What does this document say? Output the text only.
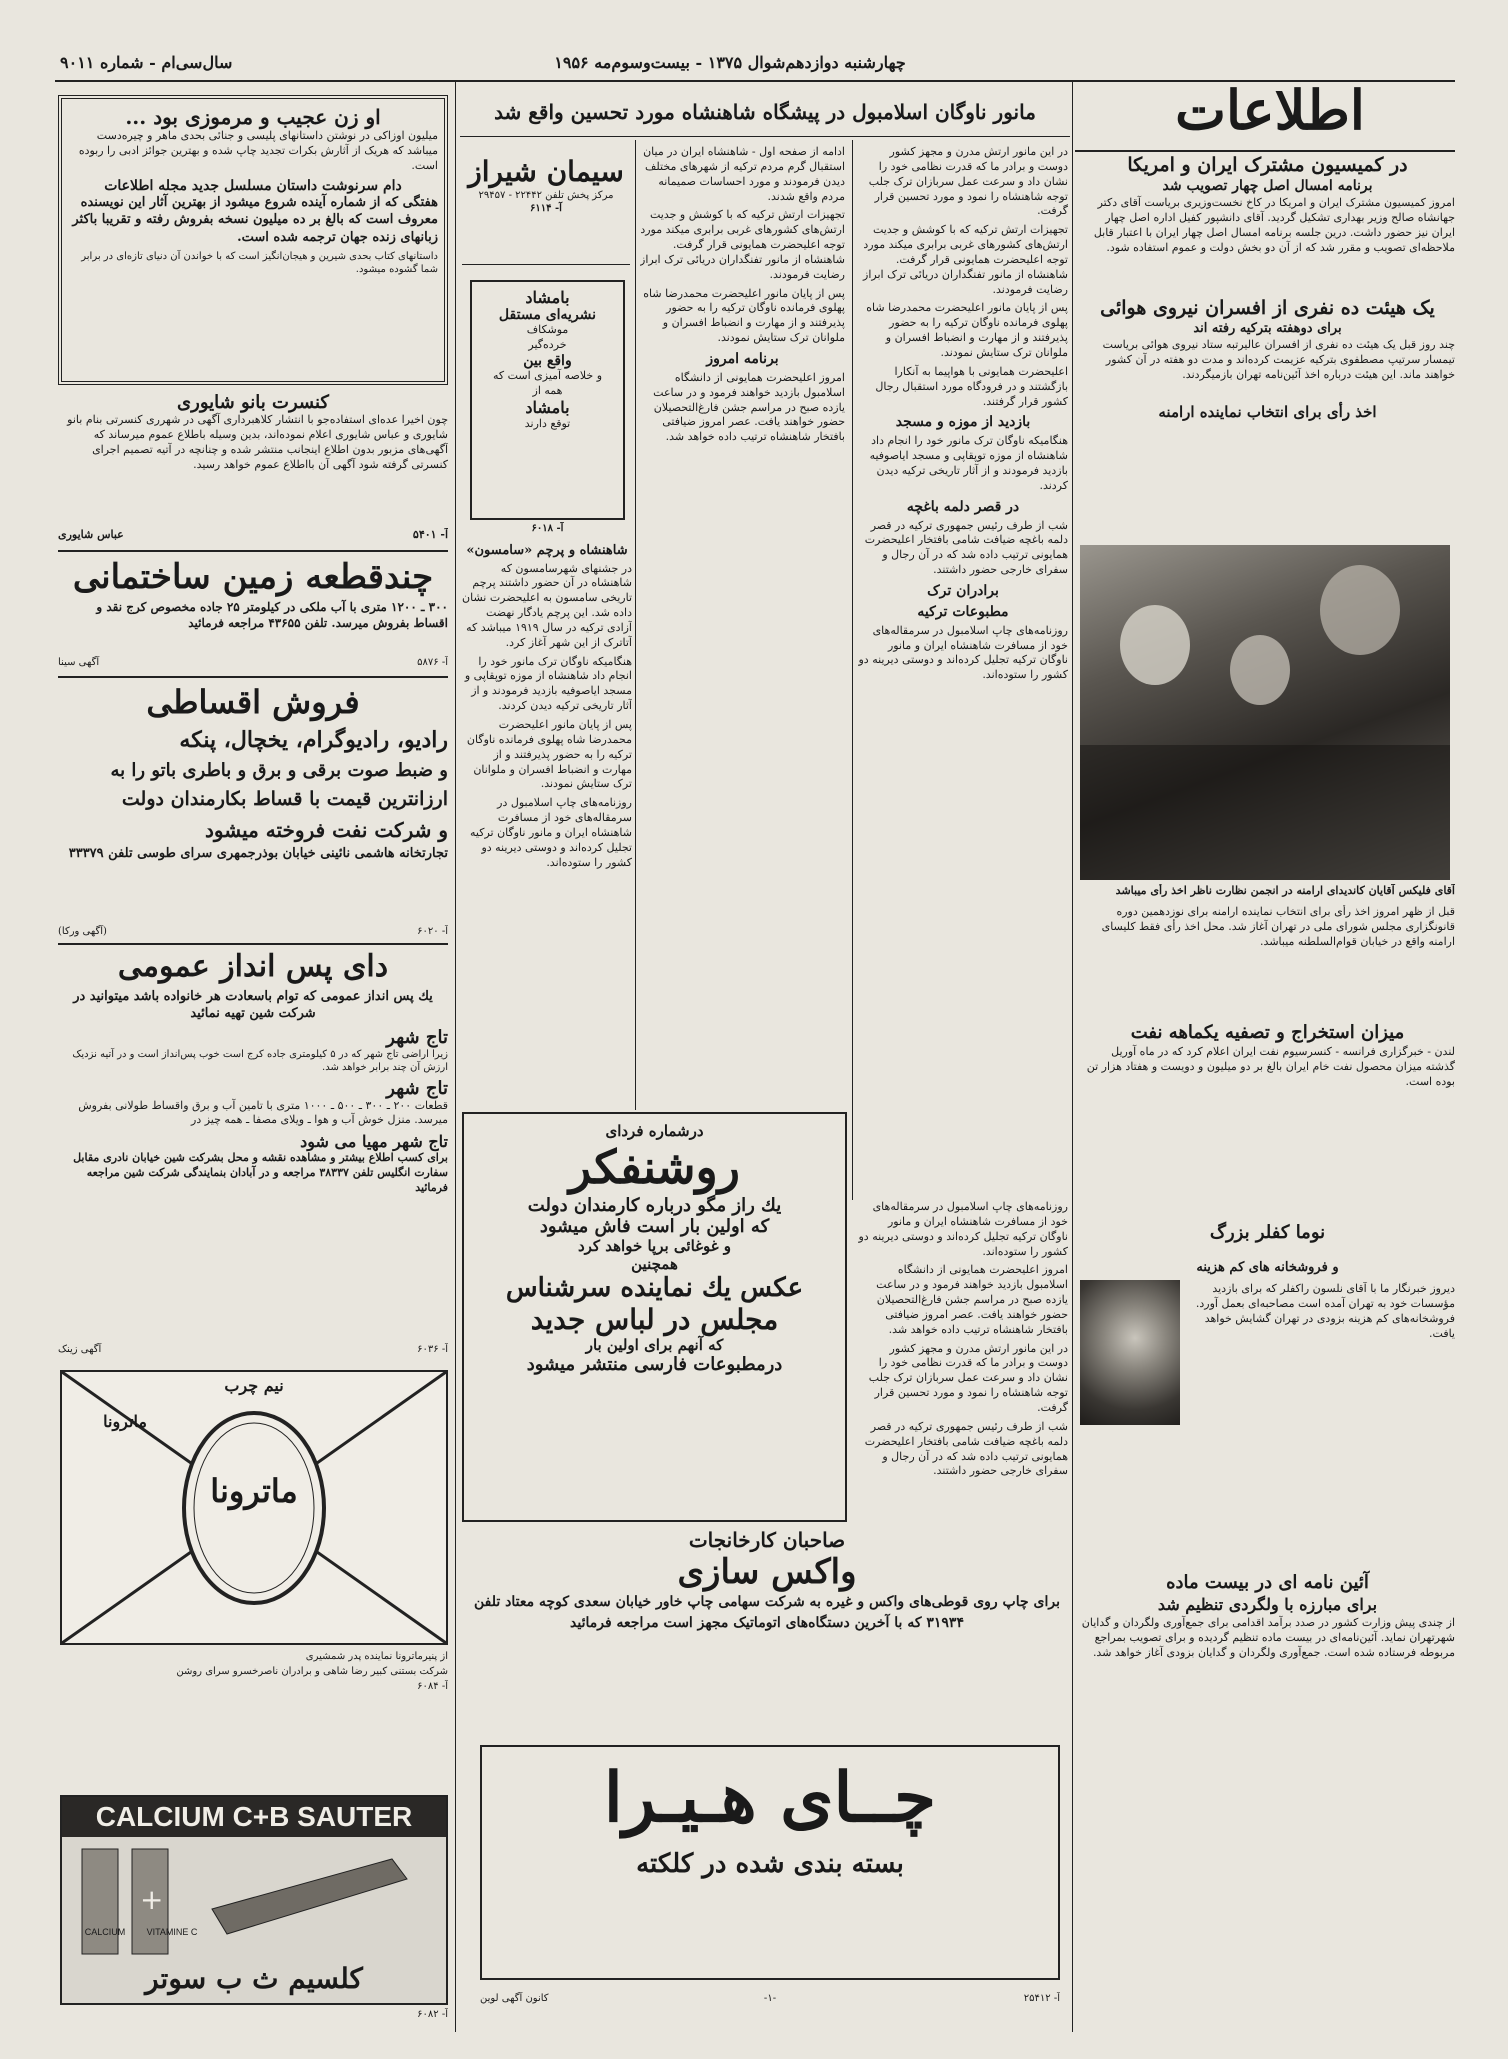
چهارشنبه دوازدهم‌شوال ۱۳۷۵ - بیست‌وسوم‌مه ۱۹۵۶
سال‌سی‌ام - شماره ۹۰۱۱
اطلاعات
در کمیسیون مشترک ایران و امریکا
برنامه امسال اصل چهار تصویب شد

امروز کمیسیون مشترک ایران و امریکا در کاخ نخست‌وزیری بریاست آقای دکتر جهانشاه صالح وزیر بهداری تشکیل گردید. آقای دانشپور کفیل اداره اصل چهار ایران نیز حضور داشت. درین جلسه برنامه امسال اصل چهار ایران با اعتبار قابل ملاحظه‌ای تصویب و مقرر شد که از آن دو بخش دولت و عموم استفاده شود.

یک هیئت ده نفری از افسران نیروی هوائی
برای دوهفته بترکیه رفته اند

چند روز قبل یک هیئت ده نفری از افسران عالیرتبه ستاد نیروی هوائی بریاست تیمسار سرتیپ مصطفوی بترکیه عزیمت کرده‌اند و مدت دو هفته در آن کشور خواهند ماند. این هیئت درباره اخذ آئین‌نامه تهران بازمیگردند.

اخذ رأی برای انتخاب نماینده ارامنه
آقای فلیکس آقایان کاندیدای ارامنه در انجمن نظارت ناظر اخذ رأی میباشد
قبل از ظهر امروز اخذ رأی برای انتخاب نماینده ارامنه برای نوزدهمین دوره قانونگزاری مجلس شورای ملی در تهران آغاز شد. محل اخذ رأی فقط کلیسای ارامنه واقع در خیابان قوام‌السلطنه میباشد.
میزان استخراج و تصفیه یکماهه نفت

لندن - خبرگزاری فرانسه - کنسرسیوم نفت ایران اعلام کرد که در ماه آوریل گذشته میزان محصول نفت خام ایران بالغ بر دو میلیون و دویست و هفتاد هزار تن بوده است.

نوما کفلر بزرگ
و فروشخانه های کم هزینه
دیروز خبرنگار ما با آقای نلسون راکفلر که برای بازدید مؤسسات خود به تهران آمده است مصاحبه‌ای بعمل آورد. فروشخانه‌های کم هزینه بزودی در تهران گشایش خواهد یافت.
آئین نامه ای در بیست ماده
برای مبارزه با ولگردی تنظیم شد

از چندی پیش وزارت کشور در صدد برآمد اقدامی برای جمع‌آوری ولگردان و گدایان شهرتهران نماید. آئین‌نامه‌ای در بیست ماده تنظیم گردیده و برای تصویب بمراجع مربوطه فرستاده شده است. جمع‌آوری ولگردان و گدایان بزودی آغاز خواهد شد.

مانور ناوگان اسلامبول در پیشگاه شاهنشاه مورد تحسین واقع شد

در این مانور ارتش مدرن و مجهز کشور دوست و برادر ما که قدرت نظامی خود را نشان داد و سرعت عمل سربازان ترک جلب توجه شاهنشاه را نمود و مورد تحسین قرار گرفت.

تجهیزات ارتش ترکیه که با کوشش و جدیت ارتش‌های کشورهای غربی برابری میکند مورد توجه اعلیحضرت همایونی قرار گرفت. شاهنشاه از مانور تفنگداران دریائی ترک ابراز رضایت فرمودند.

پس از پایان مانور اعلیحضرت محمدرضا شاه پهلوی فرمانده ناوگان ترکیه را به حضور پذیرفتند و از مهارت و انضباط افسران و ملوانان ترک ستایش نمودند.

اعلیحضرت همایونی با هواپیما به آنکارا بازگشتند و در فرودگاه مورد استقبال رجال کشور قرار گرفتند.

بازدید از موزه و مسجد

هنگامیکه ناوگان ترک مانور خود را انجام داد شاهنشاه از موزه توپقاپی و مسجد ایاصوفیه بازدید فرمودند و از آثار تاریخی ترکیه دیدن کردند.

در قصر دلمه باغچه

شب از طرف رئیس جمهوری ترکیه در قصر دلمه باغچه ضیافت شامی بافتخار اعلیحضرت همایونی ترتیب داده شد که در آن رجال و سفرای خارجی حضور داشتند.

برادران ترک
مطبوعات ترکیه

روزنامه‌های چاپ اسلامبول در سرمقاله‌های خود از مسافرت شاهنشاه ایران و مانور ناوگان ترکیه تجلیل کرده‌اند و دوستی دیرینه دو کشور را ستوده‌اند.

ادامه از صفحه اول - شاهنشاه ایران در میان استقبال گرم مردم ترکیه از شهرهای مختلف دیدن فرمودند و مورد احساسات صمیمانه مردم واقع شدند.

تجهیزات ارتش ترکیه که با کوشش و جدیت ارتش‌های کشورهای غربی برابری میکند مورد توجه اعلیحضرت همایونی قرار گرفت. شاهنشاه از مانور تفنگداران دریائی ترک ابراز رضایت فرمودند.

پس از پایان مانور اعلیحضرت محمدرضا شاه پهلوی فرمانده ناوگان ترکیه را به حضور پذیرفتند و از مهارت و انضباط افسران و ملوانان ترک ستایش نمودند.

برنامه امروز

امروز اعلیحضرت همایونی از دانشگاه اسلامبول بازدید خواهند فرمود و در ساعت یازده صبح در مراسم جشن فارغ‌التحصیلان حضور خواهند یافت. عصر امروز ضیافتی بافتخار شاهنشاه ترتیب داده خواهد شد.

سیمان شیراز
مرکز پخش تلفن ۲۲۴۴۲ - ۲۹۴۵۷
آ- ۶۱۱۴
بامشاد
نشریه‌ای مستقل
موشکاف
خرده‌گیر
واقع بین
و خلاصه آمیزی است که
همه از
بامشاد
توقع دارند
آ- ۶۰۱۸
شاهنشاه و پرچم «سامسون»

در جشنهای شهرسامسون که شاهنشاه در آن حضور داشتند پرچم تاریخی سامسون به اعلیحضرت نشان داده شد. این پرچم یادگار نهضت آزادی ترکیه در سال ۱۹۱۹ میباشد که آتاترک از این شهر آغاز کرد.

هنگامیکه ناوگان ترک مانور خود را انجام داد شاهنشاه از موزه توپقاپی و مسجد ایاصوفیه بازدید فرمودند و از آثار تاریخی ترکیه دیدن کردند.

پس از پایان مانور اعلیحضرت محمدرضا شاه پهلوی فرمانده ناوگان ترکیه را به حضور پذیرفتند و از مهارت و انضباط افسران و ملوانان ترک ستایش نمودند.

روزنامه‌های چاپ اسلامبول در سرمقاله‌های خود از مسافرت شاهنشاه ایران و مانور ناوگان ترکیه تجلیل کرده‌اند و دوستی دیرینه دو کشور را ستوده‌اند.

درشماره فردای
روشنفکر
یك راز مگو درباره کارمندان دولت
که اولین بار است فاش میشود
و غوغائی برپا خواهد کرد
همچنین
عکس یك نماینده سرشناس
مجلس در لباس جدید
که آنهم برای اولین بار
درمطبوعات فارسی منتشر میشود

روزنامه‌های چاپ اسلامبول در سرمقاله‌های خود از مسافرت شاهنشاه ایران و مانور ناوگان ترکیه تجلیل کرده‌اند و دوستی دیرینه دو کشور را ستوده‌اند.

امروز اعلیحضرت همایونی از دانشگاه اسلامبول بازدید خواهند فرمود و در ساعت یازده صبح در مراسم جشن فارغ‌التحصیلان حضور خواهند یافت. عصر امروز ضیافتی بافتخار شاهنشاه ترتیب داده خواهد شد.

در این مانور ارتش مدرن و مجهز کشور دوست و برادر ما که قدرت نظامی خود را نشان داد و سرعت عمل سربازان ترک جلب توجه شاهنشاه را نمود و مورد تحسین قرار گرفت.

شب از طرف رئیس جمهوری ترکیه در قصر دلمه باغچه ضیافت شامی بافتخار اعلیحضرت همایونی ترتیب داده شد که در آن رجال و سفرای خارجی حضور داشتند.

صاحبان کارخانجات
واکس سازی
برای چاپ روی قوطی‌های واکس و غیره به شرکت سهامی چاپ خاور خیابان سعدی کوچه معتاد تلفن ۳۱۹۳۴ که با آخرین دستگاه‌های اتوماتیک مجهز است مراجعه فرمائید
چــای هـیـرا
بسته بندی شده در کلکته
کانون آگهی لوین	-۱-	آ- ۲۵۴۱۲
او زن عجیب و مرموزی بود ...

میلیون اوزاکی در نوشتن داستانهای پلیسی و جنائی بحدی ماهر و چیره‌دست میباشد که هریک از آثارش بکرات تجدید چاپ شده و بهترین جوائز ادبی را ربوده است.

دام سرنوشت داستان مسلسل جدید مجله اطلاعات

هفتگی که از شماره آینده شروع میشود از بهترین آثار این نویسنده معروف است که بالغ بر ده میلیون نسخه بفروش رفته و تقریبا باکثر زبانهای زنده جهان ترجمه شده است.

داستانهای کتاب بحدی شیرین و هیجان‌انگیز است که با خواندن آن دنیای تازه‌ای در برابر شما گشوده میشود.

کنسرت بانو شایوری

چون اخیرا عده‌ای استفاده‌جو با انتشار کلاهبرداری آگهی در شهرری کنسرتی بنام بانو شایوری و عباس شایوری اعلام نموده‌اند، بدین وسیله باطلاع عموم میرساند که آگهی‌های مزبور بدون اطلاع اینجانب منتشر شده و چنانچه در آتیه تصمیم اجرای کنسرتی گرفته شود آگهی آن بااطلاع عموم خواهد رسید.

عباس شایوری	آ- ۵۴۰۱
چندقطعه زمین ساختمانی

۳۰۰ ـ ۱۲۰۰ متری با آب ملکی در کیلومتر ۲۵ جاده مخصوص کرج نقد و اقساط بفروش میرسد. تلفن ۴۳۶۵۵ مراجعه فرمائید

آگهی سینا	آ- ۵۸۷۶
فروش اقساطی
رادیو، رادیوگرام، یخچال، پنکه
و ضبط صوت برقی و برق و باطری باتو را به
ارزانترین قیمت با قساط بکارمندان دولت
و شرکت نفت فروخته میشود
تجارتخانه هاشمی نائینی خیابان بوذرجمهری سرای طوسی تلفن ۳۳۳۷۹
(آگهی ورکا)	آ- ۶۰۲۰
دای پس انداز عمومی
یك پس انداز عمومی که توام باسعادت هر خانواده باشد میتوانید در شرکت شین تهیه نمائید
تاج شهر

زیرا اراضی تاج شهر که در ۵ کیلومتری جاده کرج است خوب پس‌انداز است و در آتیه نزدیک ارزش آن چند برابر خواهد شد.

تاج شهر

قطعات ۲۰۰ ـ ۳۰۰ ـ ۵۰۰ ـ ۱۰۰۰ متری با تامین آب و برق واقساط طولانی بفروش میرسد. منزل خوش آب و هوا ـ ویلای مصفا ـ همه چیز در

تاج شهر مهیا می شود

برای کسب اطلاع بیشتر و مشاهده نقشه و محل بشرکت شین خیابان نادری مقابل سفارت انگلیس تلفن ۳۸۳۳۷ مراجعه و در آبادان بنمایندگی شرکت شین مراجعه فرمائید

آگهی زینک	آ- ۶۰۳۶
نیم چرب
ماترونا
ماترونا
از پنیرماترونا نماینده پدر شمشیری
شرکت بستنی کبیر رضا شاهی و برادران ناصرخسرو سرای روشن
آ- ۶۰۸۴
CALCIUM C+B SAUTER
+
CALCIUM	VITAMINE C
کلسیم ث ب سوتر
آ- ۶۰۸۲
